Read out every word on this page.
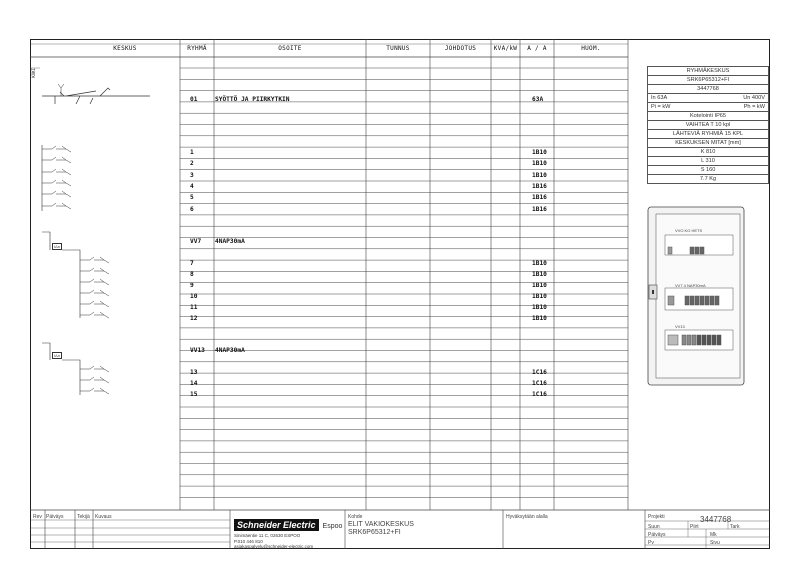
KESKUS	RYHMÄ	OSOITE	TUNNUS	JOHDOTUS	KVA/kW	A / A	HUOM.
KOKI
01	SYÖTTÖ JA PIIRKYTKIN	63A
1	1B10
2	1B10
3	1B10
4	1B16
5	1B16
6	1B16
VV7 4NAP30mA
7	1B10
8	1B10
9	1B10
10	1B10
11	1B10
12	1B10
VV13 4NAP30mA
13	1C16
14	1C16
15	1C16
RYHMÄKESKUS
SRK6P65312+FI
3447768
In 63A	Un 400V
Pi = kW	Ph = kW
Kotelointi IP65
VAIHTEA T 10 kpl
LÄHTEVIÄ RYHMIÄ 15 KPL
KESKUKSEN MITAT [mm]
K 810
L 310
S 160
7.7 Kg
VVO KO HETS
VV7 4 NAP30mA
VV13
IΔn
IΔn
Rev Päiväys	Tekijä Kuvaus
Schneider Electric Espoo
Sinimäentie 11 C, 02630 ESPOO
P.010 446 810
asiakaspalvelu@schneider-electric.com
Kohde
ELIT VAKIOKESKUS
SRK6P65312+FI
Hyväksytään alalla	Projekti	3447768
Suun	Piirt	Tark
Päiväys	Mk
Pv	Sivu
